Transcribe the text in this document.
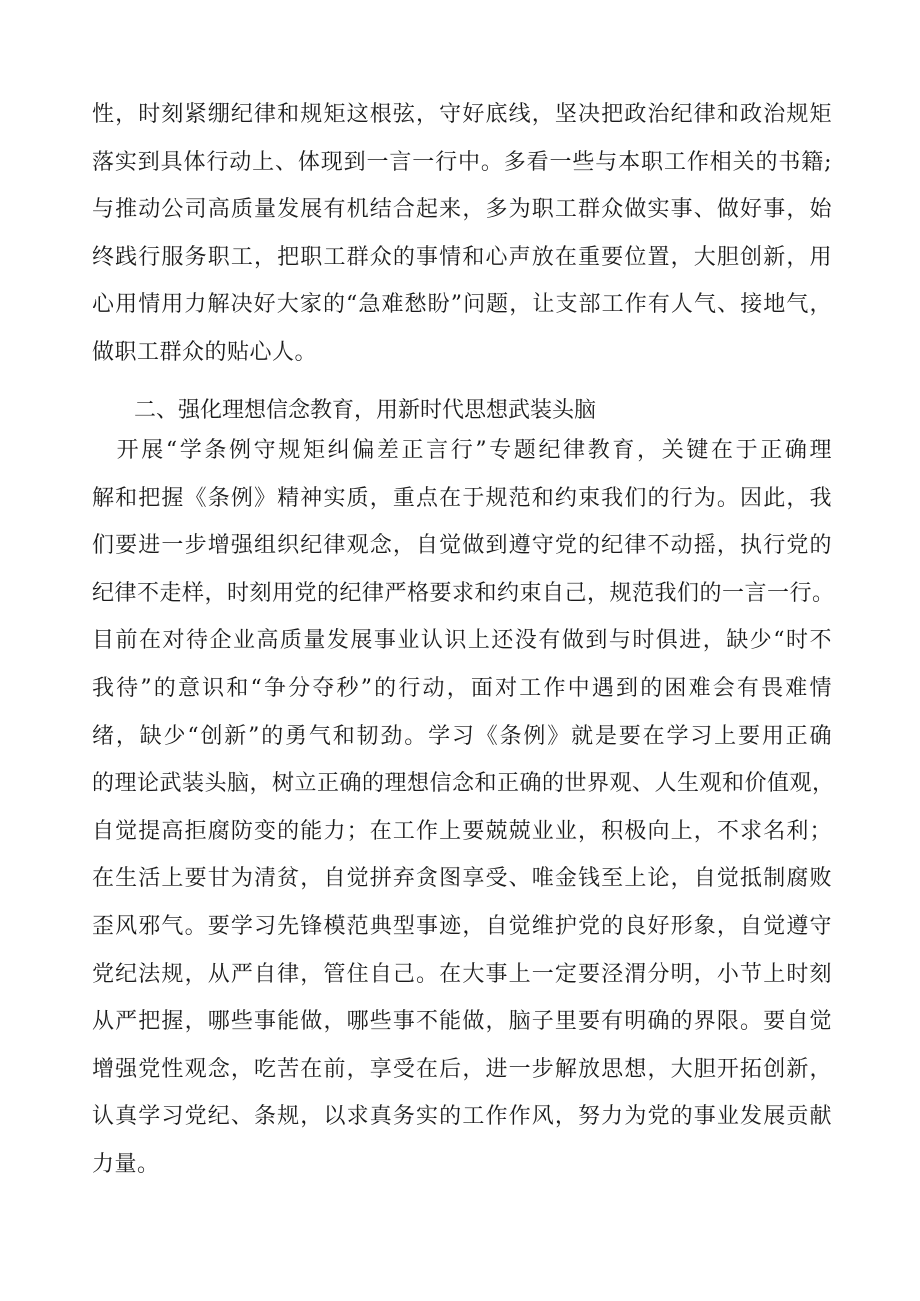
性，时刻紧绷纪律和规矩这根弦，守好底线，坚决把政治纪律和政治规矩
落实到具体行动上、体现到一言一行中。多看一些与本职工作相关的书籍;
与推动公司高质量发展有机结合起来，多为职工群众做实事、做好事，始
终践行服务职工，把职工群众的事情和心声放在重要位置，大胆创新，用
心用情用力解决好大家的“急难愁盼”问题，让支部工作有人气、接地气，
做职工群众的贴心人。
二、强化理想信念教育，用新时代思想武装头脑
　开展“学条例守规矩纠偏差正言行”专题纪律教育，关键在于正确理
解和把握《条例》精神实质，重点在于规范和约束我们的行为。因此，我
们要进一步增强组织纪律观念，自觉做到遵守党的纪律不动摇，执行党的
纪律不走样，时刻用党的纪律严格要求和约束自己，规范我们的一言一行。
目前在对待企业高质量发展事业认识上还没有做到与时俱进，缺少“时不
我待”的意识和“争分夺秒”的行动，面对工作中遇到的困难会有畏难情
绪，缺少“创新”的勇气和韧劲。学习《条例》就是要在学习上要用正确
的理论武装头脑，树立正确的理想信念和正确的世界观、人生观和价值观，
自觉提高拒腐防变的能力；在工作上要兢兢业业，积极向上，不求名利；
在生活上要甘为清贫，自觉拼弃贪图享受、唯金钱至上论，自觉抵制腐败
歪风邪气。要学习先锋模范典型事迹，自觉维护党的良好形象，自觉遵守
党纪法规，从严自律，管住自己。在大事上一定要泾渭分明，小节上时刻
从严把握，哪些事能做，哪些事不能做，脑子里要有明确的界限。要自觉
增强党性观念，吃苦在前，享受在后，进一步解放思想，大胆开拓创新，
认真学习党纪、条规，以求真务实的工作作风，努力为党的事业发展贡献
力量。
